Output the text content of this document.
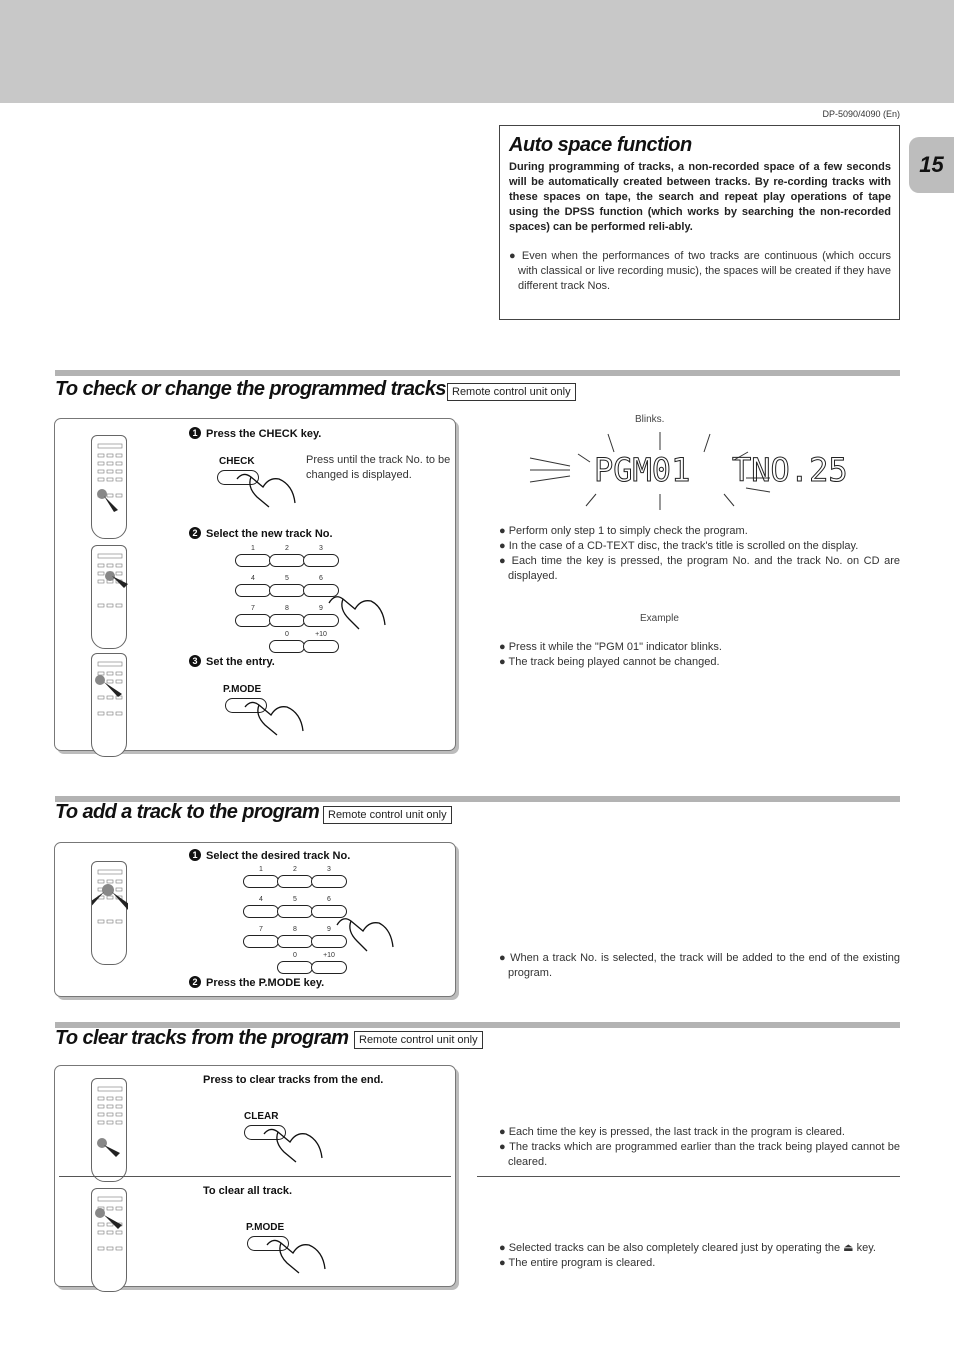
15
DP-5090/4090 (En)
Auto space function
During programming of tracks, a non-recorded space of a few seconds will be automatically created between tracks. By re-cording tracks with these spaces on tape, the search and repeat play operations of tape using the DPSS function (which works by searching the non-recorded spaces) can be performed reli-ably.
● Even when the performances of two tracks are continuous (which occurs with classical or live recording music), the spaces will be created if they have different track Nos.
To check or change the programmed tracks Remote control unit only
1 Press the CHECK key.
CHECK	Press until the track No. to be changed is displayed.
2 Select the new track No.
1	2	3
4	5	6
7	8	9
0	+10
3 Set the entry.
P.MODE
Blinks.
PGM01 TNO.25
● Perform only step 1 to simply check the program.
● In the case of a CD-TEXT disc, the track's title is scrolled on the display.
● Each time the key is pressed, the program No. and the track No. on CD are displayed.
Example
● Press it while the "PGM 01" indicator blinks.
● The track being played cannot be changed.
To add a track to the program Remote control unit only
1 Select the desired track No.
1	2	3
4	5	6
7	8	9
0	+10
2 Press the P.MODE key.
● When a track No. is selected, the track will be added to the end of the existing program.
To clear tracks from the program Remote control unit only
Press to clear tracks from the end.
CLEAR
To clear all track.
P.MODE
● Each time the key is pressed, the last track in the program is cleared.
● The tracks which are programmed earlier than the track being played cannot be cleared.
● Selected tracks can be also completely cleared just by operating the ⏏ key.
● The entire program is cleared.
